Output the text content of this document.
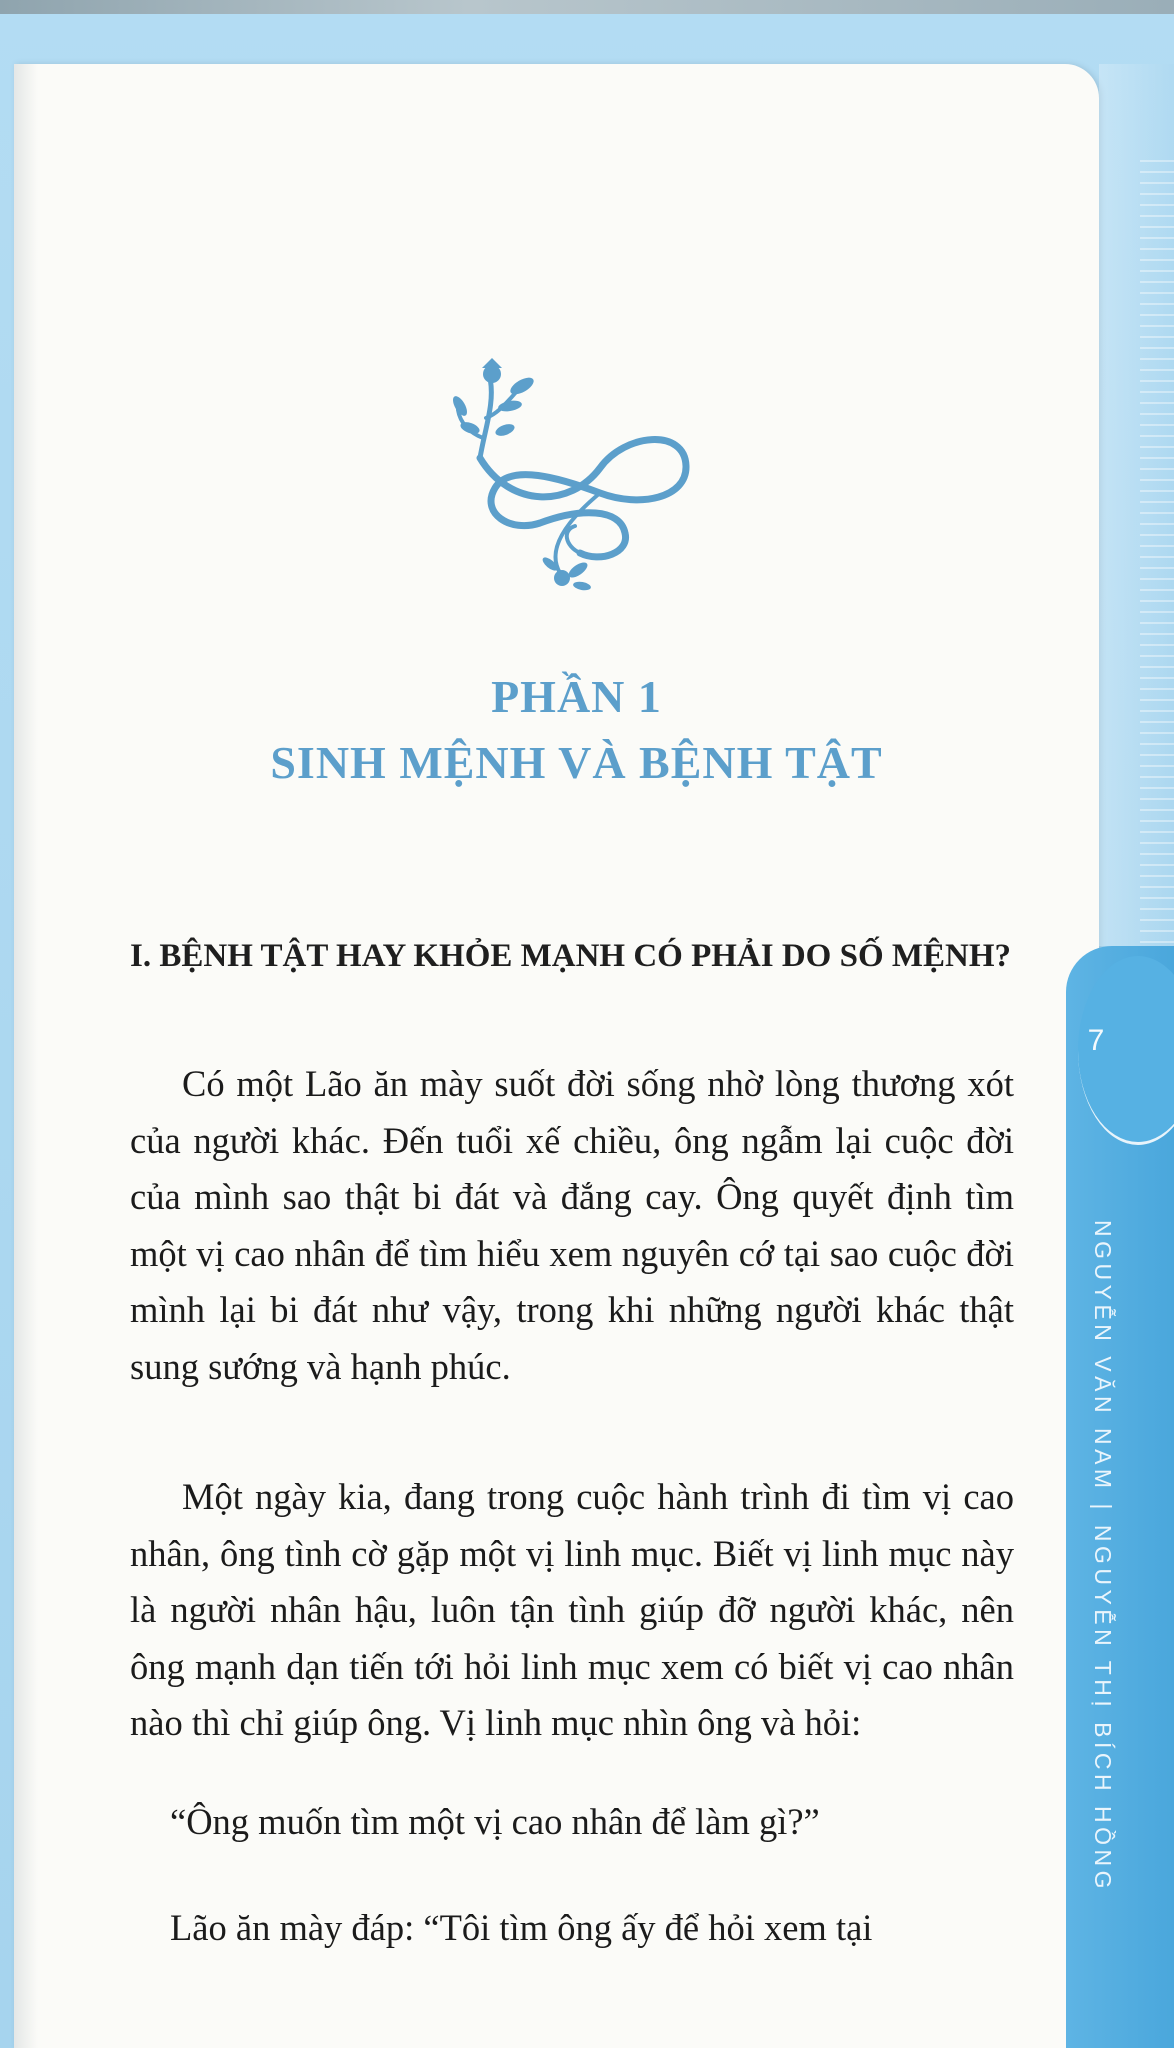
PHẦN 1
SINH MỆNH VÀ BỆNH TẬT
I. BỆNH TẬT HAY KHỎE MẠNH CÓ PHẢI DO SỐ MỆNH?

Có một Lão ăn mày suốt đời sống nhờ lòng thương xót của người khác. Đến tuổi xế chiều, ông ngẫm lại cuộc đời của mình sao thật bi đát và đắng cay. Ông quyết định tìm một vị cao nhân để tìm hiểu xem nguyên cớ tại sao cuộc đời mình lại bi đát như vậy, trong khi những người khác thật sung sướng và hạnh phúc.

Một ngày kia, đang trong cuộc hành trình đi tìm vị cao nhân, ông tình cờ gặp một vị linh mục. Biết vị linh mục này là người nhân hậu, luôn tận tình giúp đỡ người khác, nên ông mạnh dạn tiến tới hỏi linh mục xem có biết vị cao nhân nào thì chỉ giúp ông. Vị linh mục nhìn ông và hỏi:

“Ông muốn tìm một vị cao nhân để làm gì?”

Lão ăn mày đáp: “Tôi tìm ông ấy để hỏi xem tại

7

NGUYỄN VĂN NAM | NGUYỄN THỊ BÍCH HỒNG
